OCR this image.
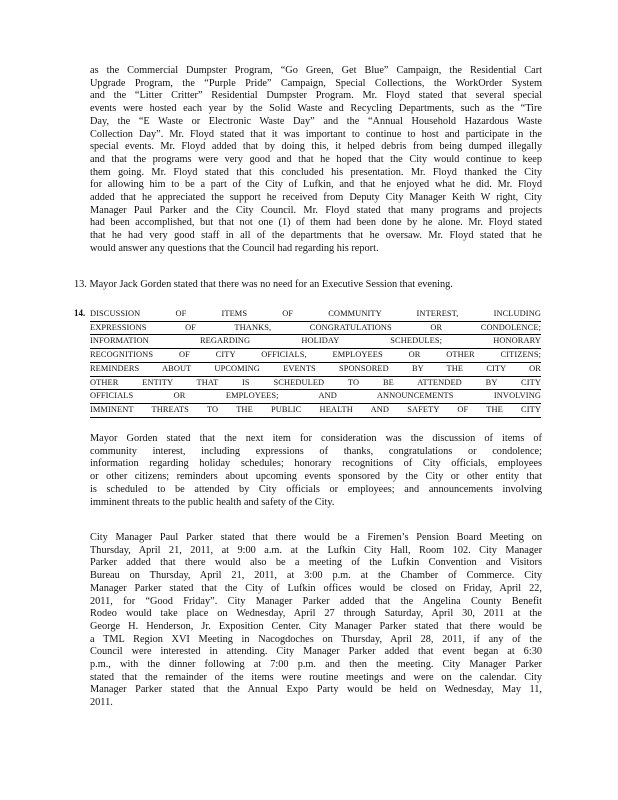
as the Commercial Dumpster Program, “Go Green, Get Blue” Campaign, the Residential Cart
Upgrade Program, the “Purple Pride” Campaign, Special Collections, the WorkOrder System
and the “Litter Critter” Residential Dumpster Program. Mr. Floyd stated that several special
events were hosted each year by the Solid Waste and Recycling Departments, such as the “Tire
Day, the “E Waste or Electronic Waste Day” and the “Annual Household Hazardous Waste
Collection Day”. Mr. Floyd stated that it was important to continue to host and participate in the
special events. Mr. Floyd added that by doing this, it helped debris from being dumped illegally
and that the programs were very good and that he hoped that the City would continue to keep
them going. Mr. Floyd stated that this concluded his presentation. Mr. Floyd thanked the City
for allowing him to be a part of the City of Lufkin, and that he enjoyed what he did. Mr. Floyd
added that he appreciated the support he received from Deputy City Manager Keith W right, City
Manager Paul Parker and the City Council. Mr. Floyd stated that many programs and projects
had been accomplished, but that not one (1) of them had been done by he alone. Mr. Floyd stated
that he had very good staff in all of the departments that he oversaw. Mr. Floyd stated that he
would answer any questions that the Council had regarding his report.

13. Mayor Jack Gorden stated that there was no need for an Executive Session that evening.

14. DISCUSSION OF ITEMS OF COMMUNITY INTEREST, INCLUDING
EXPRESSIONS OF THANKS, CONGRATULATIONS OR CONDOLENCE;
INFORMATION REGARDING HOLIDAY SCHEDULES; HONORARY
RECOGNITIONS OF CITY OFFICIALS, EMPLOYEES OR OTHER CITIZENS;
REMINDERS ABOUT UPCOMING EVENTS SPONSORED BY THE CITY OR
OTHER ENTITY THAT IS SCHEDULED TO BE ATTENDED BY CITY
OFFICIALS OR EMPLOYEES; AND ANNOUNCEMENTS INVOLVING
IMMINENT THREATS TO THE PUBLIC HEALTH AND SAFETY OF THE CITY
Mayor Gorden stated that the next item for consideration was the discussion of items of
community interest, including expressions of thanks, congratulations or condolence;
information regarding holiday schedules; honorary recognitions of City officials, employees
or other citizens; reminders about upcoming events sponsored by the City or other entity that
is scheduled to be attended by City officials or employees; and announcements involving
imminent threats to the public health and safety of the City.
City Manager Paul Parker stated that there would be a Firemen’s Pension Board Meeting on
Thursday, April 21, 2011, at 9:00 a.m. at the Lufkin City Hall, Room 102. City Manager
Parker added that there would also be a meeting of the Lufkin Convention and Visitors
Bureau on Thursday, April 21, 2011, at 3:00 p.m. at the Chamber of Commerce. City
Manager Parker stated that the City of Lufkin offices would be closed on Friday, April 22,
2011, for “Good Friday”. City Manager Parker added that the Angelina County Benefit
Rodeo would take place on Wednesday, April 27 through Saturday, April 30, 2011 at the
George H. Henderson, Jr. Exposition Center. City Manager Parker stated that there would be
a TML Region XVI Meeting in Nacogdoches on Thursday, April 28, 2011, if any of the
Council were interested in attending. City Manager Parker added that event began at 6:30
p.m., with the dinner following at 7:00 p.m. and then the meeting. City Manager Parker
stated that the remainder of the items were routine meetings and were on the calendar. City
Manager Parker stated that the Annual Expo Party would be held on Wednesday, May 11,
2011.
